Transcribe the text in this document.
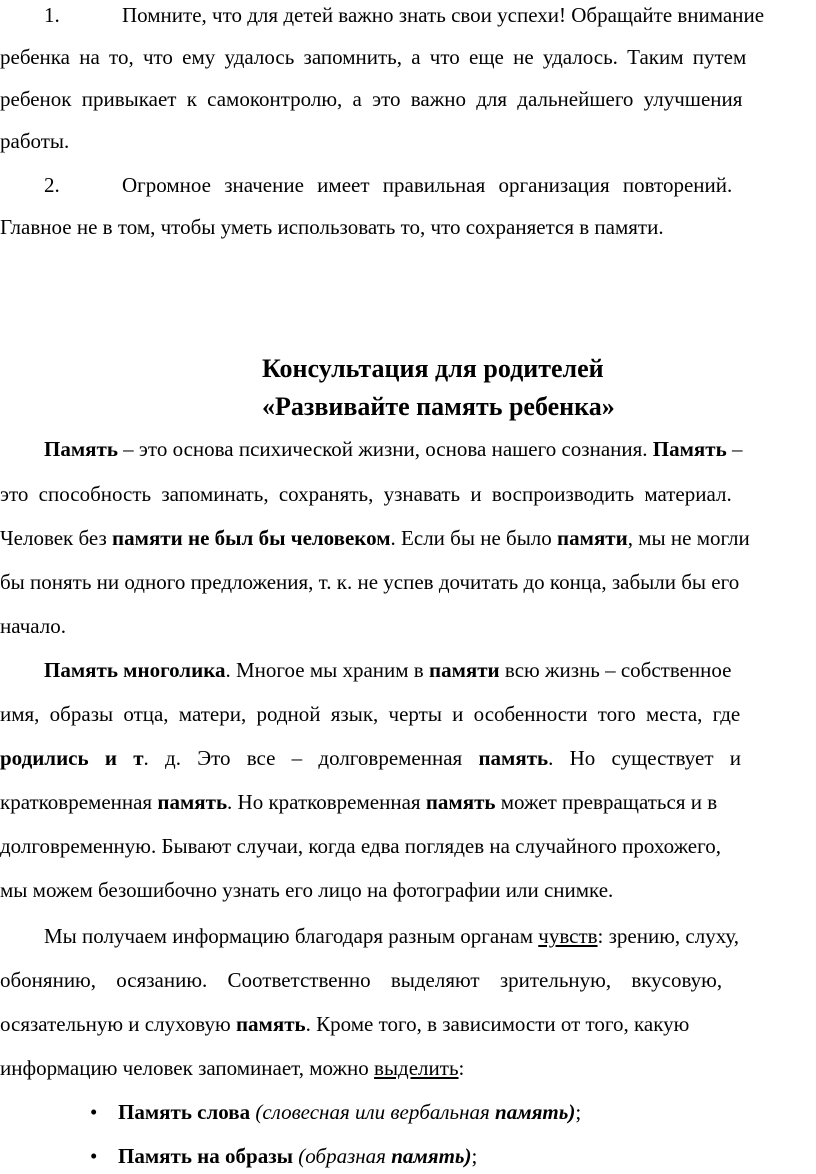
1.	Помните, что для детей важно знать свои успехи! Обращайте внимание
ребенка на то, что ему удалось запомнить, а что еще не удалось. Таким путем
ребенок привыкает к самоконтролю, а это важно для дальнейшего улучшения
работы.
2.	Огромное значение имеет правильная организация повторений.
Главное не в том, чтобы уметь использовать то, что сохраняется в памяти.
Консультация для родителей
«Развивайте память ребенка»
Память – это основа психической жизни, основа нашего сознания. Память –
это способность запоминать, сохранять, узнавать и воспроизводить материал.
Человек без памяти не был бы человеком. Если бы не было памяти, мы не могли
бы понять ни одного предложения, т. к. не успев дочитать до конца, забыли бы его
начало.
Память многолика. Многое мы храним в памяти всю жизнь – собственное
имя, образы отца, матери, родной язык, черты и особенности того места, где
родились и т. д. Это все – долговременная память. Но существует и
кратковременная память. Но кратковременная память может превращаться и в
долговременную. Бывают случаи, когда едва поглядев на случайного прохожего,
мы можем безошибочно узнать его лицо на фотографии или снимке.
Мы получаем информацию благодаря разным органам чувств: зрению, слуху,
обонянию, осязанию. Соответственно выделяют зрительную, вкусовую,
осязательную и слуховую память. Кроме того, в зависимости от того, какую
информацию человек запоминает, можно выделить:
• Память слова (словесная или вербальная память);
• Память на образы (образная память);
